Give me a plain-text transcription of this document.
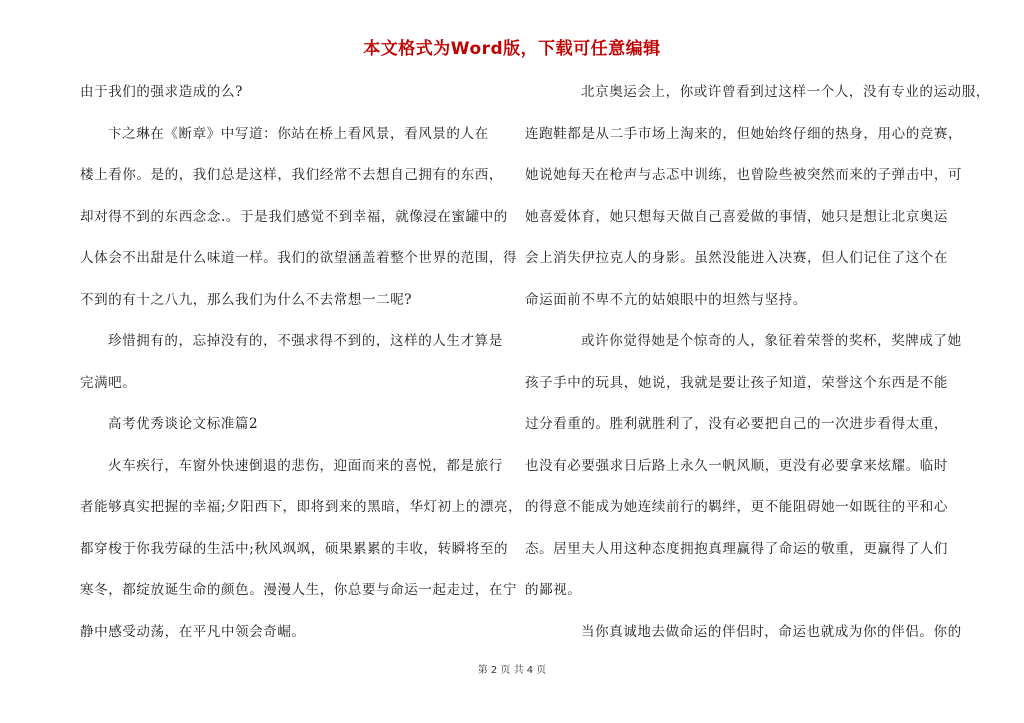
本文格式为Word版，下载可任意编辑
由于我们的强求造成的么?
卞之琳在《断章》中写道：你站在桥上看风景，看风景的人在
楼上看你。是的，我们总是这样，我们经常不去想自己拥有的东西，
却对得不到的东西念念.。于是我们感觉不到幸福，就像浸在蜜罐中的
人体会不出甜是什么味道一样。我们的欲望涵盖着整个世界的范围，得
不到的有十之八九，那么我们为什么不去常想一二呢?
珍惜拥有的，忘掉没有的，不强求得不到的，这样的人生才算是
完满吧。
高考优秀谈论文标准篇2
火车疾行，车窗外快速倒退的悲伤，迎面而来的喜悦，都是旅行
者能够真实把握的幸福;夕阳西下，即将到来的黑暗，华灯初上的漂亮，
都穿梭于你我劳碌的生活中;秋风飒飒，硕果累累的丰收，转瞬将至的
寒冬，都绽放诞生命的颜色。漫漫人生，你总要与命运一起走过，在宁
静中感受动荡，在平凡中领会奇崛。
北京奥运会上，你或许曾看到过这样一个人，没有专业的运动服，
连跑鞋都是从二手市场上淘来的，但她始终仔细的热身，用心的竞赛，
她说她每天在枪声与忐忑中训练，也曾险些被突然而来的子弹击中，可
她喜爱体育，她只想每天做自己喜爱做的事情，她只是想让北京奥运
会上消失伊拉克人的身影。虽然没能进入决赛，但人们记住了这个在
命运面前不卑不亢的姑娘眼中的坦然与坚持。
或许你觉得她是个惊奇的人，象征着荣誉的奖杯，奖牌成了她
孩子手中的玩具，她说，我就是要让孩子知道，荣誉这个东西是不能
过分看重的。胜利就胜利了，没有必要把自己的一次进步看得太重，
也没有必要强求日后路上永久一帆风顺，更没有必要拿来炫耀。临时
的得意不能成为她连续前行的羁绊，更不能阻碍她一如既往的平和心
态。居里夫人用这种态度拥抱真理赢得了命运的敬重，更赢得了人们
的鄙视。
当你真诚地去做命运的伴侣时，命运也就成为你的伴侣。你的
第 2 页 共 4 页
